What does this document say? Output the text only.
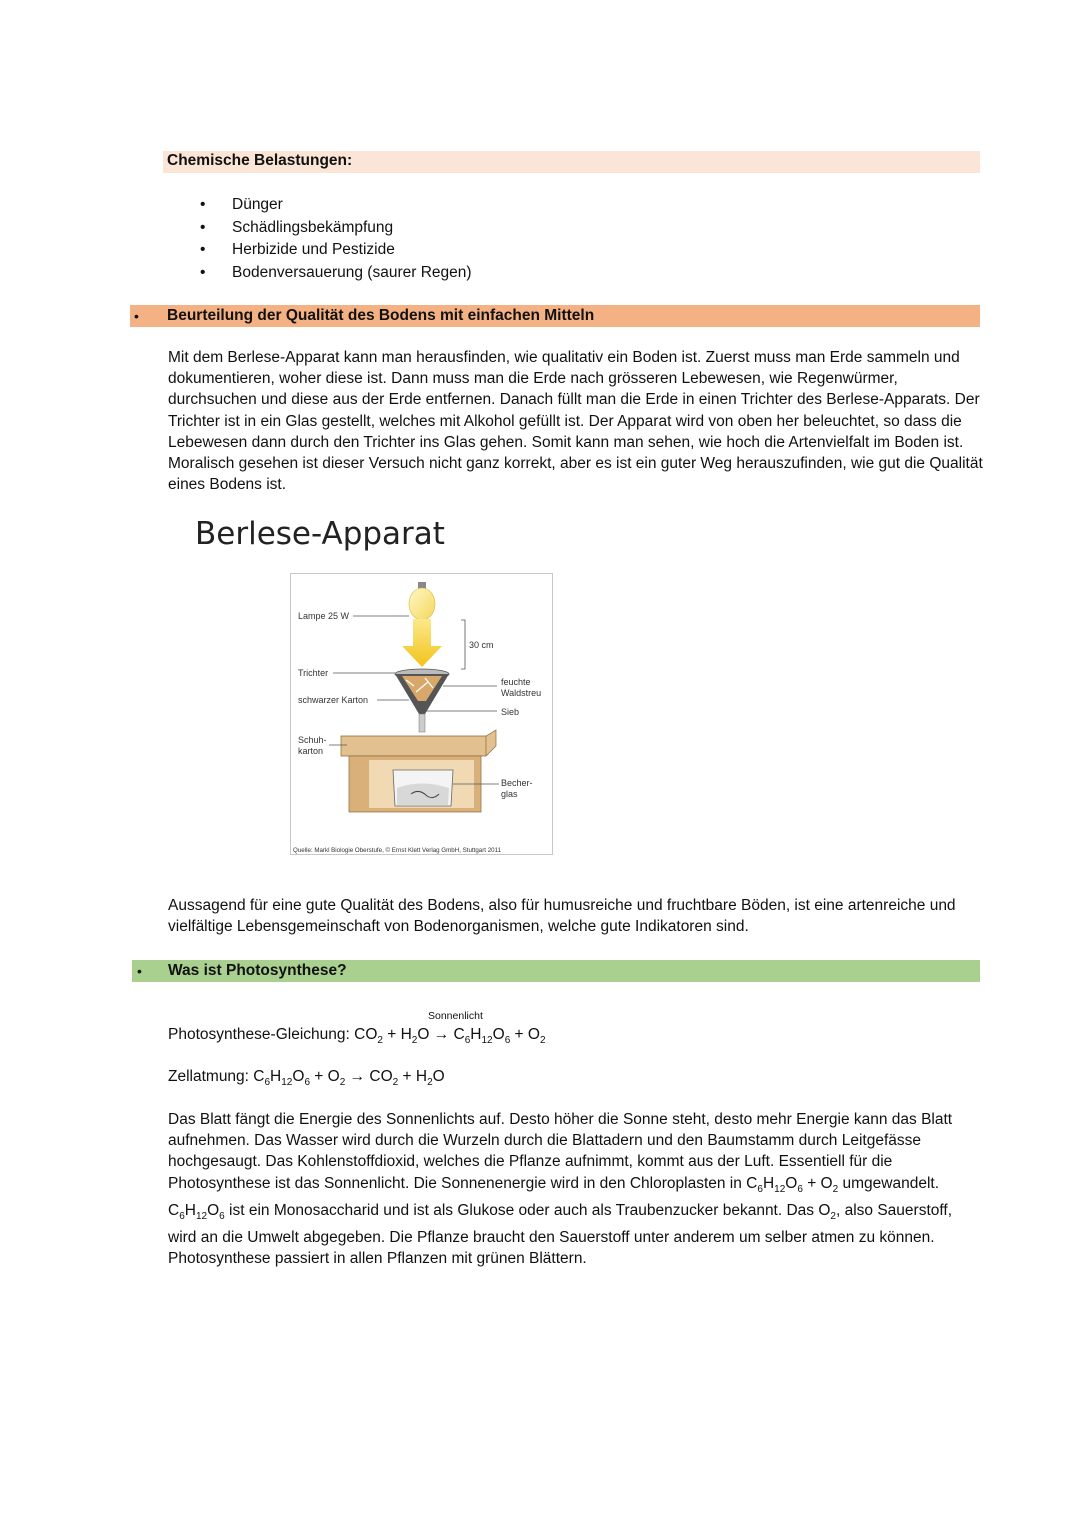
Chemische Belastungen:
• Dünger
• Schädlingsbekämpfung
• Herbizide und Pestizide
• Bodenversauerung (saurer Regen)
• Beurteilung der Qualität des Bodens mit einfachen Mitteln

Mit dem Berlese-Apparat kann man herausfinden, wie qualitativ ein Boden ist. Zuerst muss man Erde sammeln und dokumentieren, woher diese ist. Dann muss man die Erde nach grösseren Lebewesen, wie Regenwürmer, durchsuchen und diese aus der Erde entfernen. Danach füllt man die Erde in einen Trichter des Berlese-Apparats. Der Trichter ist in ein Glas gestellt, welches mit Alkohol gefüllt ist. Der Apparat wird von oben her beleuchtet, so dass die Lebewesen dann durch den Trichter ins Glas gehen. Somit kann man sehen, wie hoch die Artenvielfalt im Boden ist. Moralisch gesehen ist dieser Versuch nicht ganz korrekt, aber es ist ein guter Weg herauszufinden, wie gut die Qualität eines Bodens ist.

Berlese-Apparat
Lampe 25 W
30 cm
Trichter
schwarzer Karton
Schuh-
karton
feuchte
Waldstreu
Sieb
Becher-
glas
Quelle: Markl Biologie Oberstufe, © Ernst Klett Verlag GmbH, Stuttgart 2011

Aussagend für eine gute Qualität des Bodens, also für humusreiche und fruchtbare Böden, ist eine artenreiche und vielfältige Lebensgemeinschaft von Bodenorganismen, welche gute Indikatoren sind.

• Was ist Photosynthese?
Sonnenlicht
Photosynthese-Gleichung: $CO_2 + H_2O \to C_6H_{12}O_6 + O_2$
Zellatmung: $C_6H_{12}O_6 + O_2 \to CO_2 + H_2O$

Das Blatt fängt die Energie des Sonnenlichts auf. Desto höher die Sonne steht, desto mehr Energie kann das Blatt aufnehmen. Das Wasser wird durch die Wurzeln durch die Blattadern und den Baumstamm durch Leitgefässe hochgesaugt. Das Kohlenstoffdioxid, welches die Pflanze aufnimmt, kommt aus der Luft. Essentiell für die Photosynthese ist das Sonnenlicht. Die Sonnenenergie wird in den Chloroplasten in $C_6H_{12}O_6 + O_2$ umgewandelt. $C_6H_{12}O_6$ ist ein Monosaccharid und ist als Glukose oder auch als Traubenzucker bekannt. Das $O_2$, also Sauerstoff, wird an die Umwelt abgegeben. Die Pflanze braucht den Sauerstoff unter anderem um selber atmen zu können.

Photosynthese passiert in allen Pflanzen mit grünen Blättern.
